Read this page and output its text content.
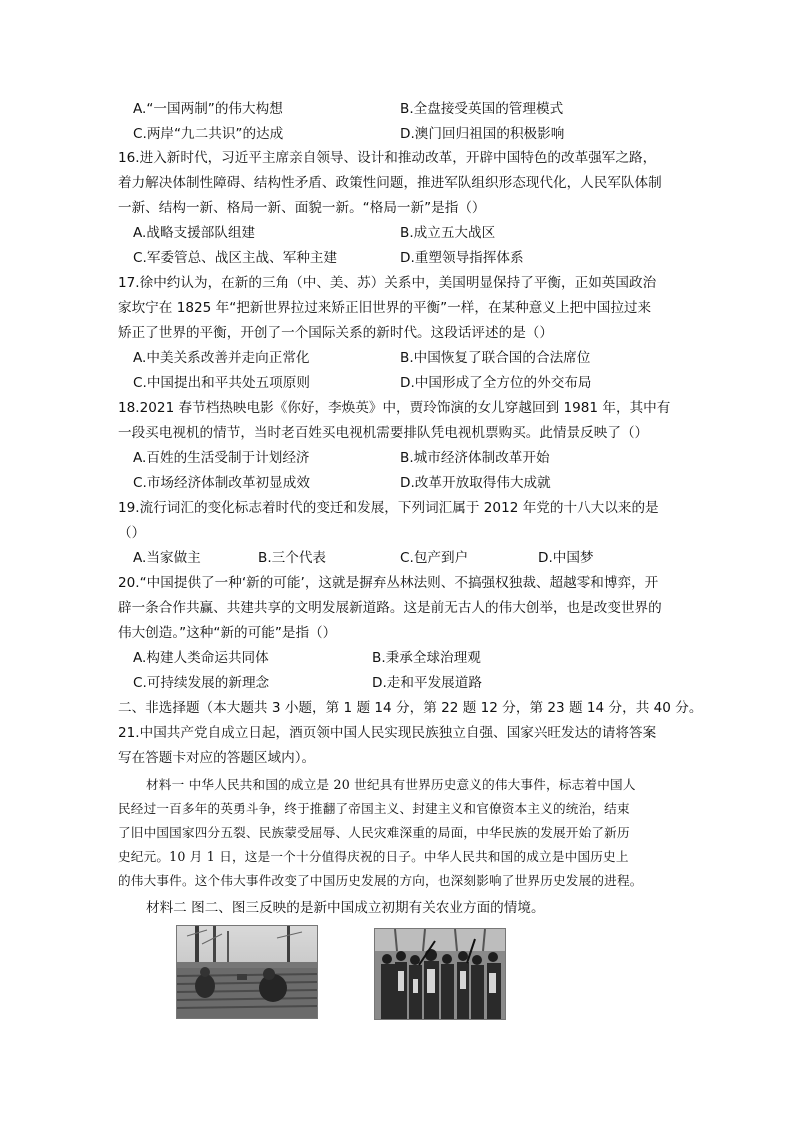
A.“一国两制”的伟大构想	B.全盘接受英国的管理模式
C.两岸“九二共识”的达成	D.澳门回归祖国的积极影响
16.进入新时代，习近平主席亲自领导、设计和推动改革，开辟中国特色的改革强军之路，
着力解决体制性障碍、结构性矛盾、政策性问题，推进军队组织形态现代化，人民军队体制
一新、结构一新、格局一新、面貌一新。“格局一新”是指（）
A.战略支援部队组建	B.成立五大战区
C.军委管总、战区主战、军种主建	D.重塑领导指挥体系
17.徐中约认为，在新的三角（中、美、苏）关系中，美国明显保持了平衡，正如英国政治
家坎宁在 1825 年“把新世界拉过来矫正旧世界的平衡”一样，在某种意义上把中国拉过来
矫正了世界的平衡，开创了一个国际关系的新时代。这段话评述的是（）
A.中美关系改善并走向正常化	B.中国恢复了联合国的合法席位
C.中国提出和平共处五项原则	D.中国形成了全方位的外交布局
18.2021 春节档热映电影《你好，李焕英》中，贾玲饰演的女儿穿越回到 1981 年，其中有
一段买电视机的情节，当时老百姓买电视机需要排队凭电视机票购买。此情景反映了（）
A.百姓的生活受制于计划经济	B.城市经济体制改革开始
C.市场经济体制改革初显成效	D.改革开放取得伟大成就
19.流行词汇的变化标志着时代的变迁和发展，下列词汇属于 2012 年党的十八大以来的是
（）
A.当家做主	B.三个代表	C.包产到户	D.中国梦
20.“中国提供了一种‘新的可能’，这就是摒弃丛林法则、不搞强权独裁、超越零和博弈，开
辟一条合作共赢、共建共享的文明发展新道路。这是前无古人的伟大创举，也是改变世界的
伟大创造。”这种“新的可能”是指（）
A.构建人类命运共同体	B.秉承全球治理观
C.可持续发展的新理念	D.走和平发展道路
二、非选择题（本大题共 3 小题，第 1 题 14 分，第 22 题 12 分，第 23 题 14 分，共 40 分。
21.中国共产党自成立日起，酒页领中国人民实现民族独立自强、国家兴旺发达的请将答案
写在答题卡对应的答题区域内）。
材料一 中华人民共和国的成立是 20 世纪具有世界历史意义的伟大事件，标志着中国人
民经过一百多年的英勇斗争，终于推翻了帝国主义、封建主义和官僚资本主义的统治，结束
了旧中国国家四分五裂、民族蒙受屈辱、人民灾难深重的局面，中华民族的发展开始了新历
史纪元。10 月 1 日，这是一个十分值得庆祝的日子。中华人民共和国的成立是中国历史上
的伟大事件。这个伟大事件改变了中国历史发展的方向，也深刻影响了世界历史发展的进程。
材料二 图二、图三反映的是新中国成立初期有关农业方面的情境。
